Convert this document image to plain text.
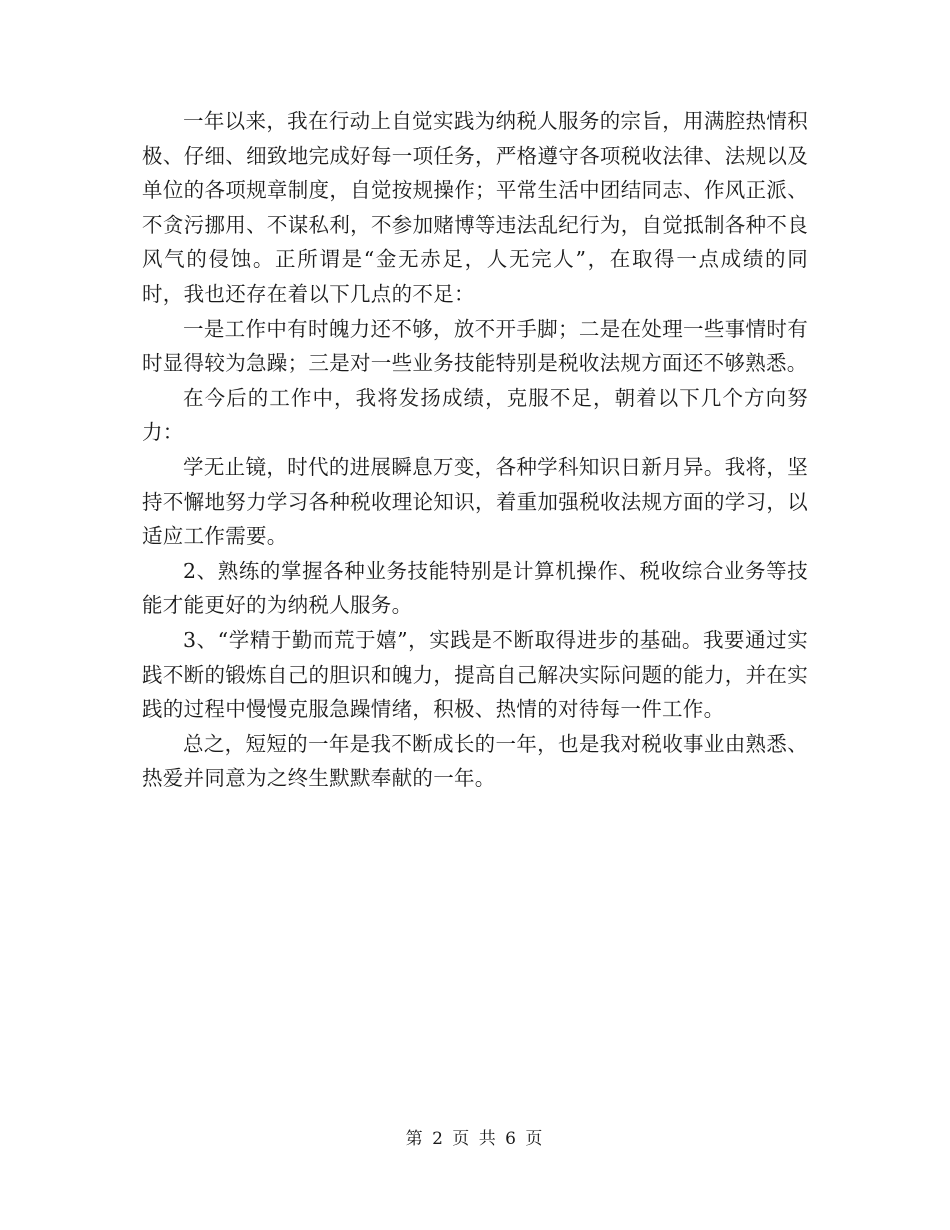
一年以来，我在行动上自觉实践为纳税人服务的宗旨，用满腔热情积极、仔细、细致地完成好每一项任务，严格遵守各项税收法律、法规以及单位的各项规章制度，自觉按规操作；平常生活中团结同志、作风正派、不贪污挪用、不谋私利，不参加赌博等违法乱纪行为，自觉抵制各种不良风气的侵蚀。正所谓是“金无赤足，人无完人”，在取得一点成绩的同时，我也还存在着以下几点的不足：

一是工作中有时魄力还不够，放不开手脚；二是在处理一些事情时有时显得较为急躁；三是对一些业务技能特别是税收法规方面还不够熟悉。

在今后的工作中，我将发扬成绩，克服不足，朝着以下几个方向努力：

学无止镜，时代的进展瞬息万变，各种学科知识日新月异。我将，坚持不懈地努力学习各种税收理论知识，着重加强税收法规方面的学习，以适应工作需要。

2、熟练的掌握各种业务技能特别是计算机操作、税收综合业务等技能才能更好的为纳税人服务。

3、“学精于勤而荒于嬉”，实践是不断取得进步的基础。我要通过实践不断的锻炼自己的胆识和魄力，提高自己解决实际问题的能力，并在实践的过程中慢慢克服急躁情绪，积极、热情的对待每一件工作。

总之，短短的一年是我不断成长的一年，也是我对税收事业由熟悉、热爱并同意为之终生默默奉献的一年。

第 2 页 共 6 页
